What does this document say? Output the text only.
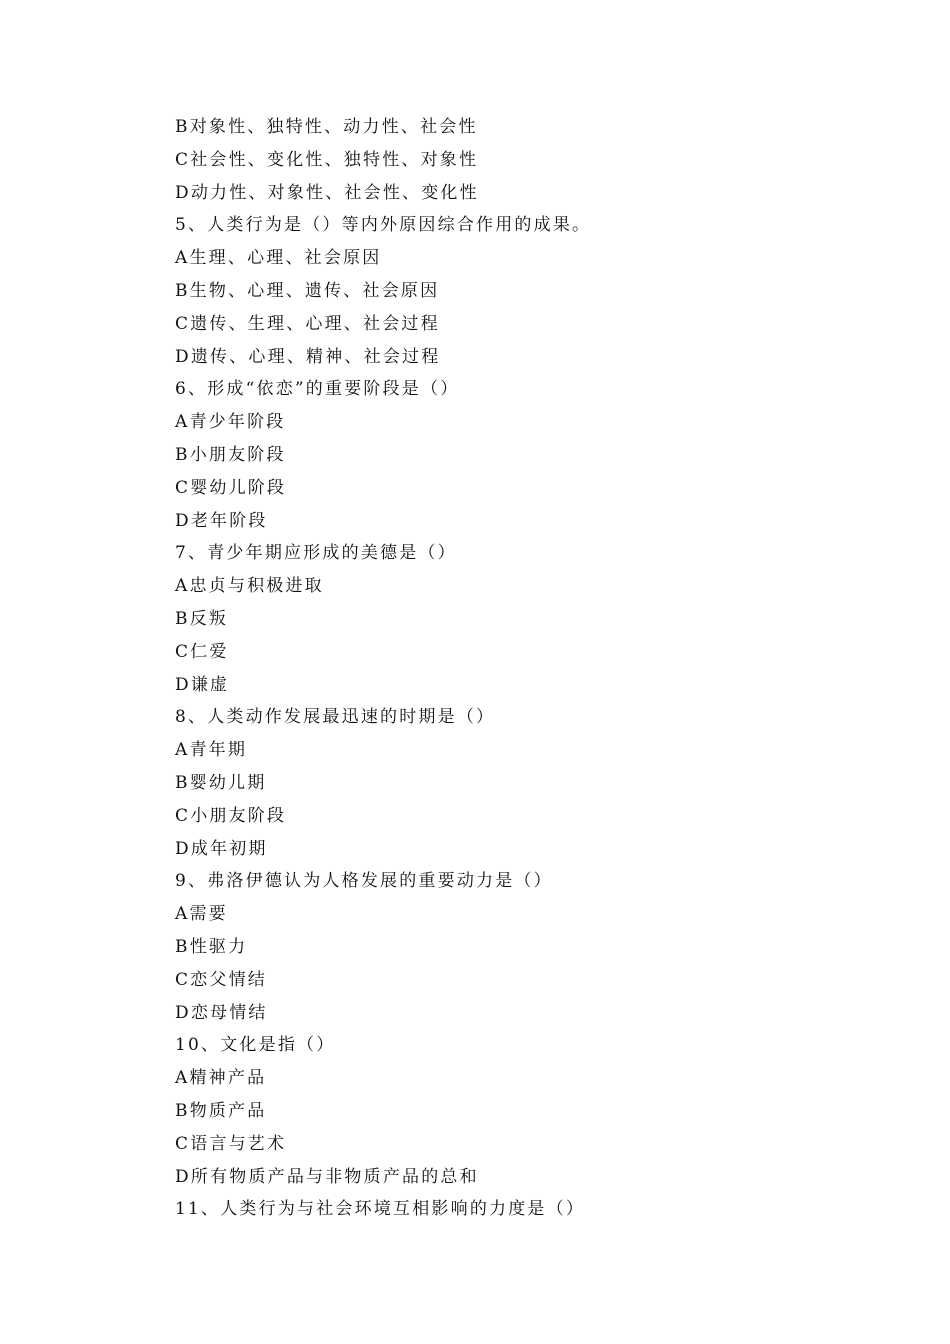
B对象性、独特性、动力性、社会性
C社会性、变化性、独特性、对象性
D动力性、对象性、社会性、变化性
5、人类行为是（）等内外原因综合作用的成果。
A生理、心理、社会原因
B生物、心理、遗传、社会原因
C遗传、生理、心理、社会过程
D遗传、心理、精神、社会过程
6、形成“依恋”的重要阶段是（）
A青少年阶段
B小朋友阶段
C婴幼儿阶段
D老年阶段
7、青少年期应形成的美德是（）
A忠贞与积极进取
B反叛
C仁爱
D谦虚
8、人类动作发展最迅速的时期是（）
A青年期
B婴幼儿期
C小朋友阶段
D成年初期
9、弗洛伊德认为人格发展的重要动力是（）
A需要
B性驱力
C恋父情结
D恋母情结
10、文化是指（）
A精神产品
B物质产品
C语言与艺术
D所有物质产品与非物质产品的总和
11、人类行为与社会环境互相影响的力度是（）
